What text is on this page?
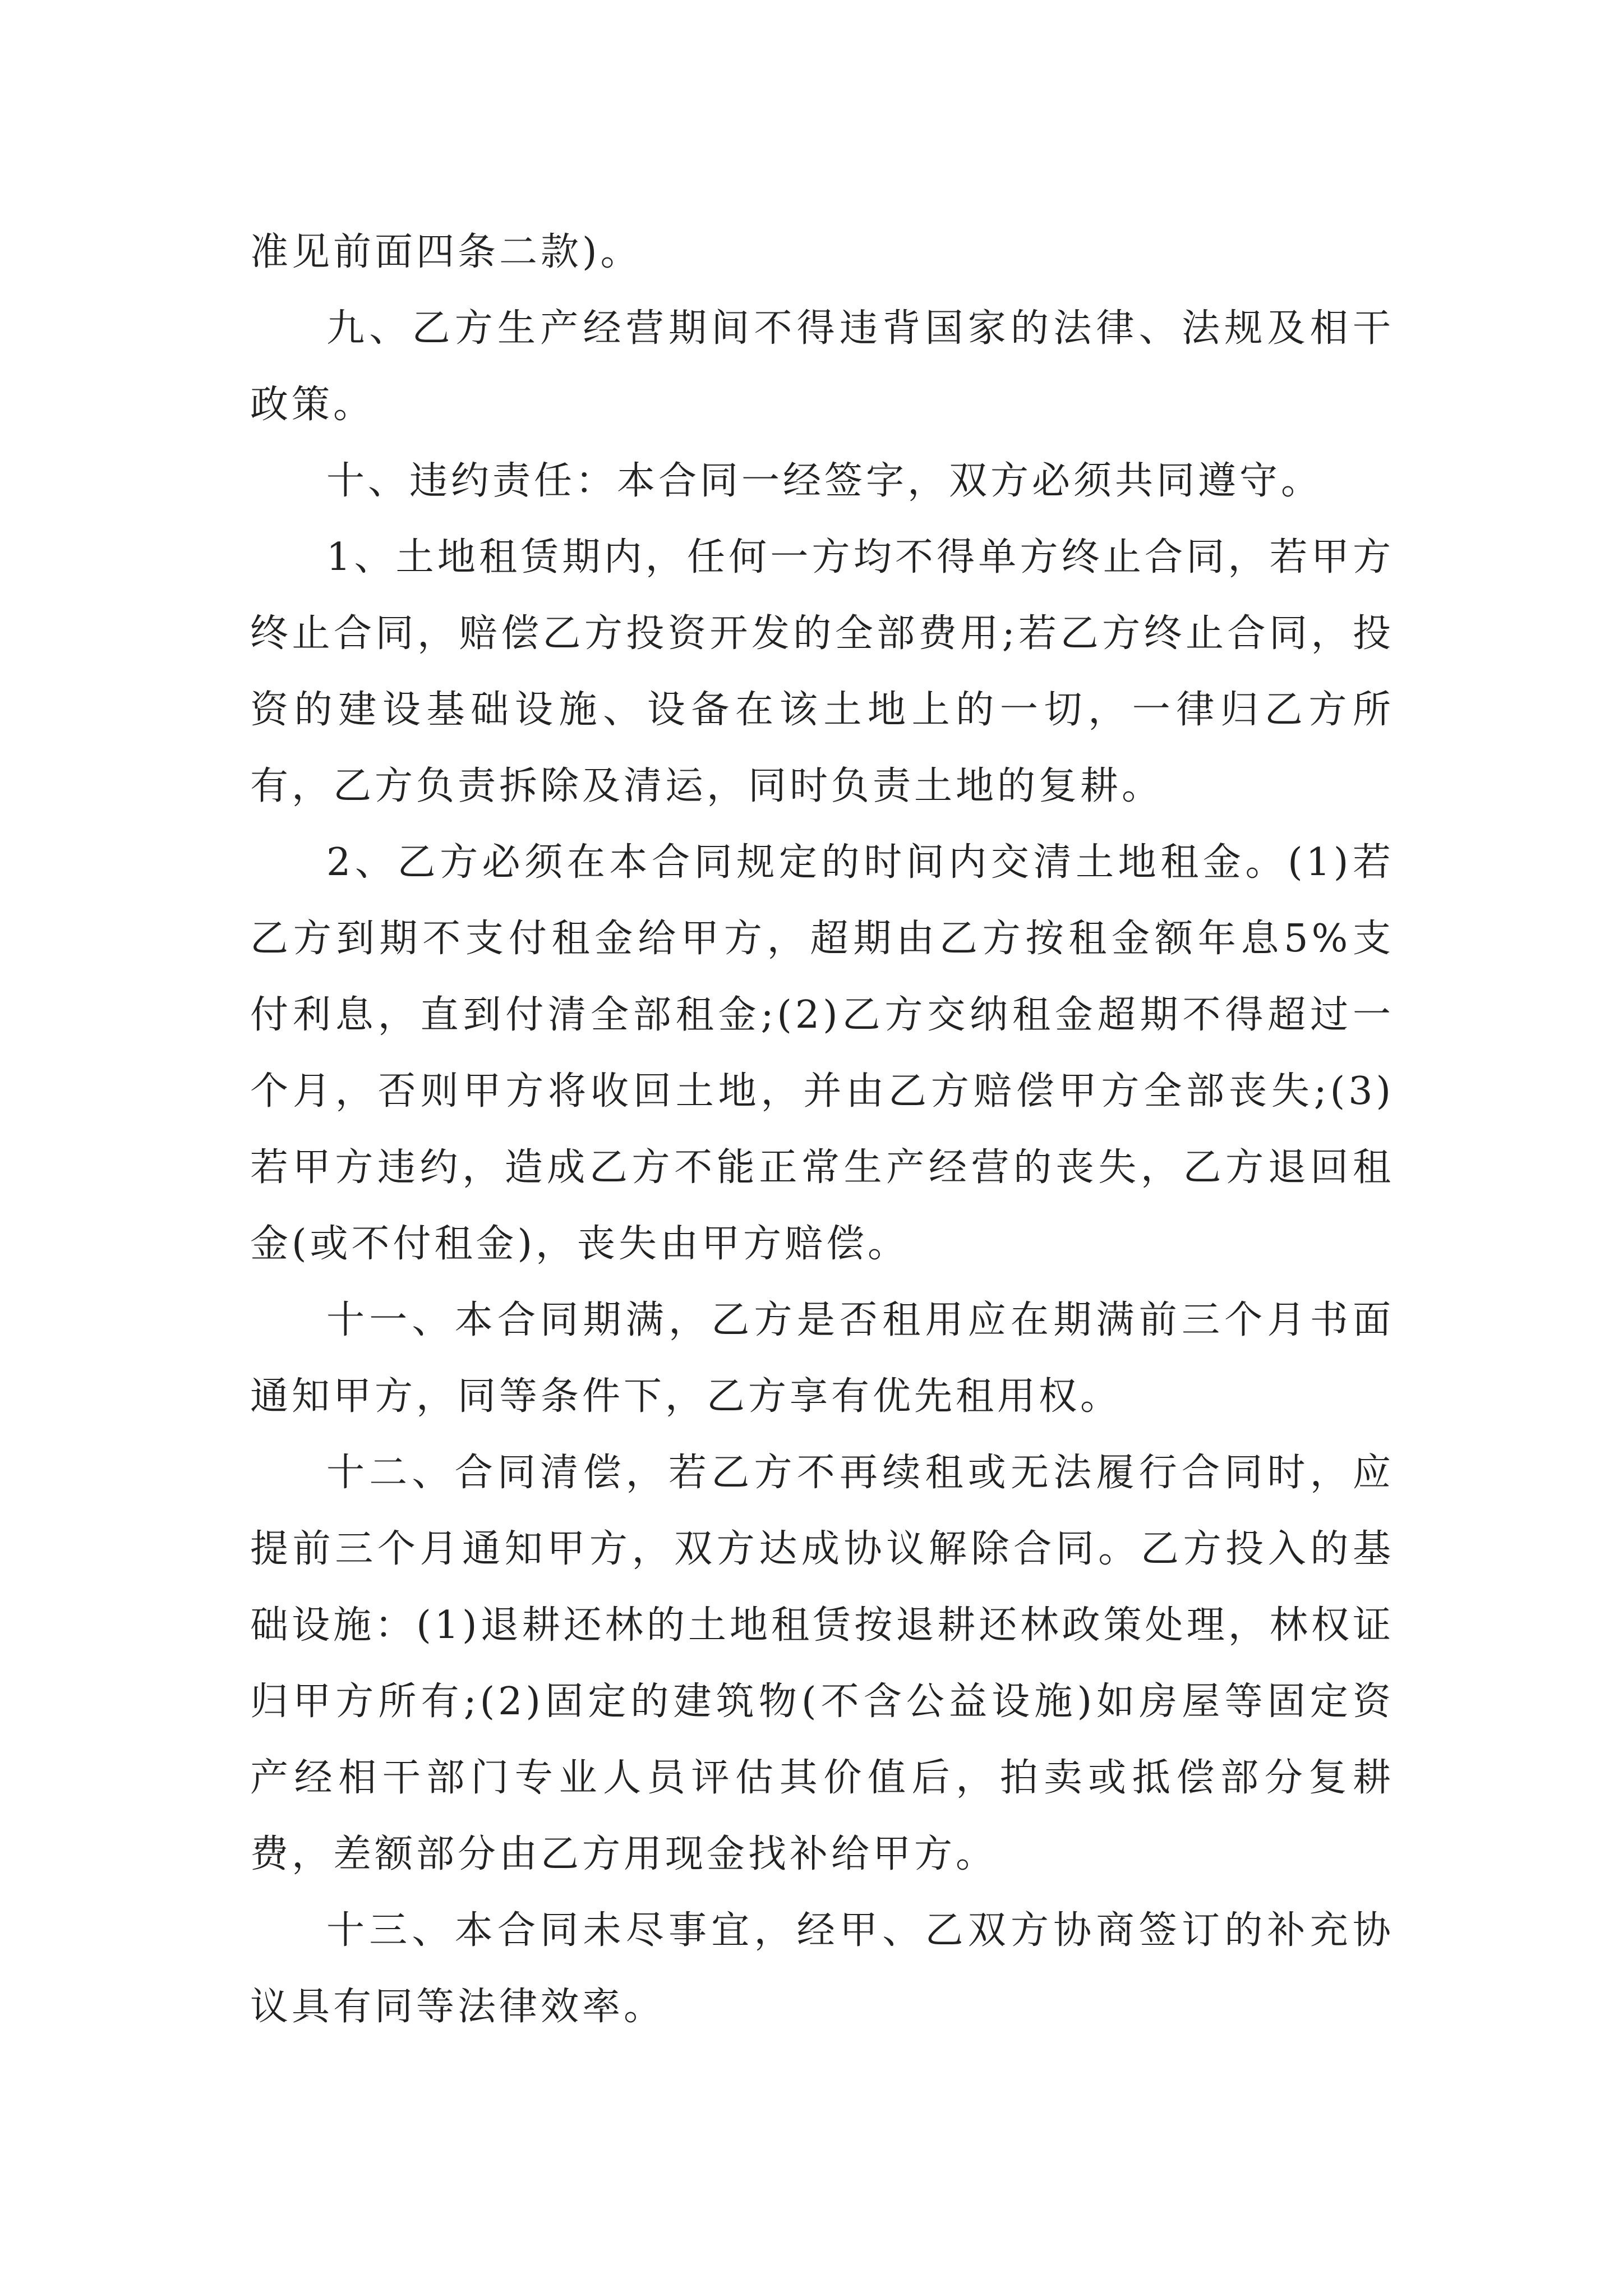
准见前面四条二款)。

九、乙方生产经营期间不得违背国家的法律、法规及相干政策。

十、违约责任：本合同一经签字，双方必须共同遵守。

1、土地租赁期内，任何一方均不得单方终止合同，若甲方终止合同，赔偿乙方投资开发的全部费用;若乙方终止合同，投资的建设基础设施、设备在该土地上的一切，一律归乙方所有，乙方负责拆除及清运，同时负责土地的复耕。

2、乙方必须在本合同规定的时间内交清土地租金。(1)若乙方到期不支付租金给甲方，超期由乙方按租金额年息5%支付利息，直到付清全部租金;(2)乙方交纳租金超期不得超过一个月，否则甲方将收回土地，并由乙方赔偿甲方全部丧失;(3)若甲方违约，造成乙方不能正常生产经营的丧失，乙方退回租金(或不付租金)，丧失由甲方赔偿。

十一、本合同期满，乙方是否租用应在期满前三个月书面通知甲方，同等条件下，乙方享有优先租用权。

十二、合同清偿，若乙方不再续租或无法履行合同时，应提前三个月通知甲方，双方达成协议解除合同。乙方投入的基础设施：(1)退耕还林的土地租赁按退耕还林政策处理，林权证归甲方所有;(2)固定的建筑物(不含公益设施)如房屋等固定资产经相干部门专业人员评估其价值后，拍卖或抵偿部分复耕费，差额部分由乙方用现金找补给甲方。

十三、本合同未尽事宜，经甲、乙双方协商签订的补充协议具有同等法律效率。
